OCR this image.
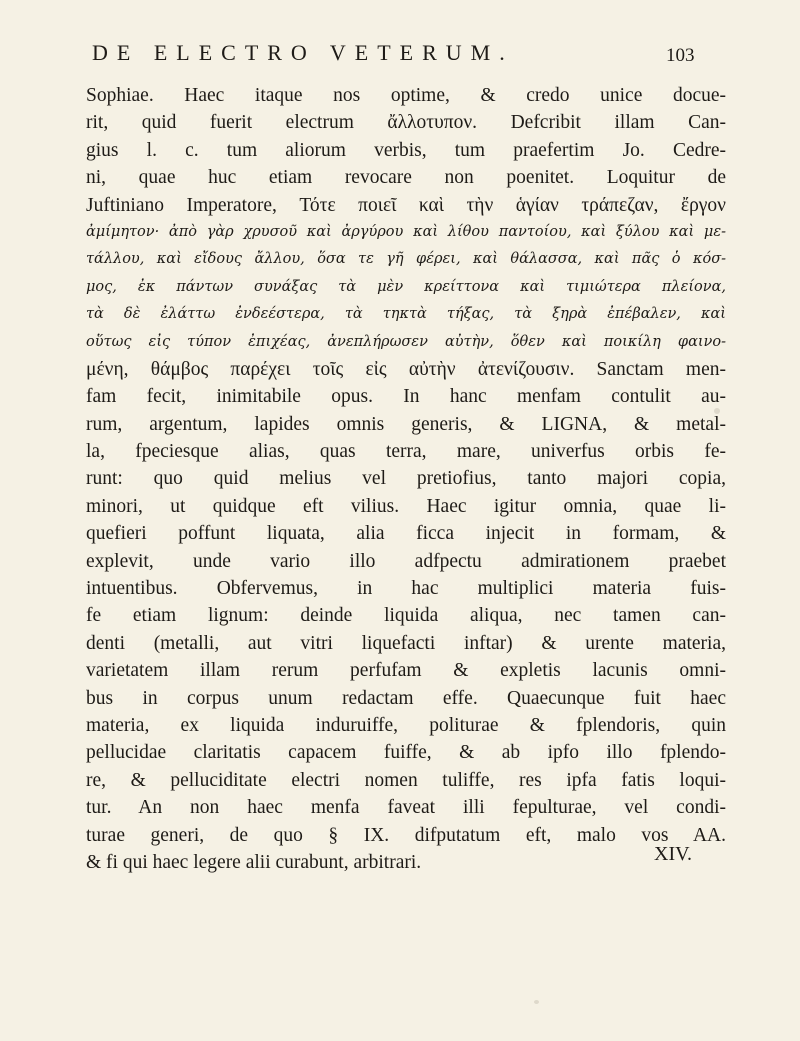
DE ELECTRO VETERUM.	103
Sophiae. Haec itaque nos optime, & credo unice docue-
rit, quid fuerit electrum ἄλλοτυπον. Defcribit illam Can-
gius l. c. tum aliorum verbis, tum praefertim Jo. Cedre-
ni, quae huc etiam revocare non poenitet. Loquitur de
Juftiniano Imperatore, Τότε ποιεῖ καὶ τὴν ἁγίαν τράπεζαν, ἔργον
ἀμίμητον· ἀπὸ γὰρ χρυσοῦ καὶ ἀργύρου καὶ λίθου παντοίου, καὶ ξύλου καὶ με-
τάλλου, καὶ εἴδους ἄλλου, ὅσα τε γῆ φέρει, καὶ θάλασσα, καὶ πᾶς ὁ κόσ-
μος, ἐκ πάντων συνάξας τὰ μὲν κρείττονα καὶ τιμιώτερα πλείονα,
τὰ δὲ ἐλάττω ἐνδεέστερα, τὰ τηκτὰ τήξας, τὰ ξηρὰ ἐπέβαλεν, καὶ
οὕτως εἰς τύπον ἐπιχέας, ἀνεπλήρωσεν αὐτὴν, ὅθεν καὶ ποικίλη φαινο-
μένη, θάμβος παρέχει τοῖς εἰς αὐτὴν ἀτενίζουσιν. Sanctam men-
fam fecit, inimitabile opus. In hanc menfam contulit au-
rum, argentum, lapides omnis generis, & LIGNA, & metal-
la, fpeciesque alias, quas terra, mare, univerfus orbis fe-
runt: quo quid melius vel pretiofius, tanto majori copia,
minori, ut quidque eft vilius. Haec igitur omnia, quae li-
quefieri poffunt liquata, alia ficca injecit in formam, &
explevit, unde vario illo adfpectu admirationem praebet
intuentibus. Obfervemus, in hac multiplici materia fuis-
fe etiam lignum: deinde liquida aliqua, nec tamen can-
denti (metalli, aut vitri liquefacti inftar) & urente materia,
varietatem illam rerum perfufam & expletis lacunis omni-
bus in corpus unum redactam effe. Quaecunque fuit haec
materia, ex liquida induruiffe, politurae & fplendoris, quin
pellucidae claritatis capacem fuiffe, & ab ipfo illo fplendo-
re, & pelluciditate electri nomen tuliffe, res ipfa fatis loqui-
tur. An non haec menfa faveat illi fepulturae, vel condi-
turae generi, de quo § IX. difputatum eft, malo vos AA.
& fi qui haec legere alii curabunt, arbitrari.	XIV.
